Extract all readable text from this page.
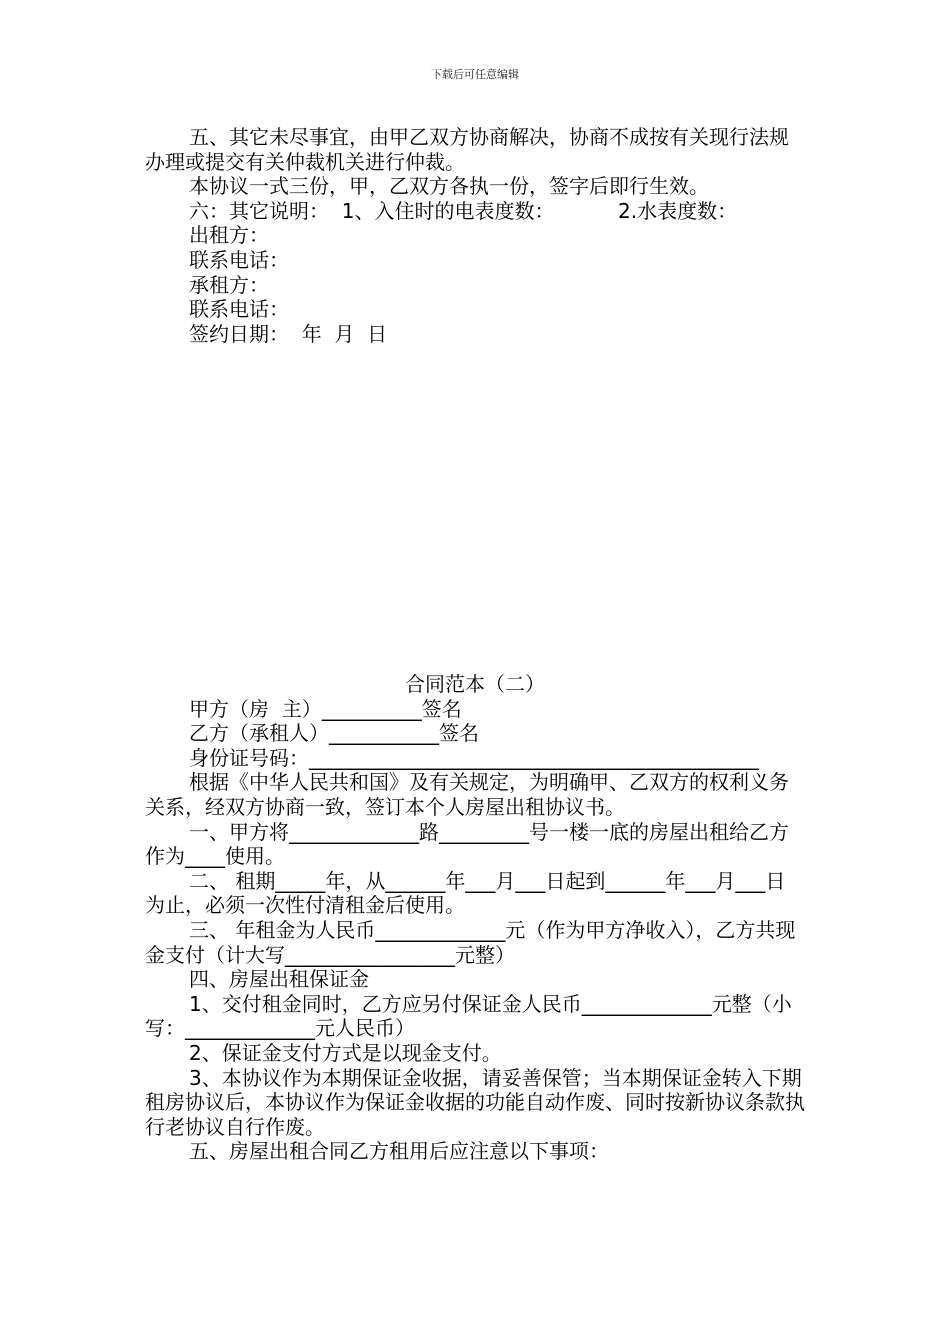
下载后可任意编辑

五、其它未尽事宜，由甲乙双方协商解决，协商不成按有关现行法规办理或提交有关仲裁机关进行仲裁。

本协议一式三份，甲，乙双方各执一份，签字后即行生效。

六：其它说明：  1、入住时的电表度数：          2.水表度数：

出租方：

联系电话：

承租方：

联系电话：

签约日期：  年  月  日

合同范本（二）

甲方（房  主）__________签名

乙方（承租人）___________签名

身份证号码：_____________________________________________

根据《中华人民共和国》及有关规定，为明确甲、乙双方的权利义务关系，经双方协商一致，签订本个人房屋出租协议书。

一、甲方将_____________路_________号一楼一底的房屋出租给乙方作为____使用。

二、 租期_____年，从______年___月___日起到______年___月___日为止，必须一次性付清租金后使用。

三、 年租金为人民币_____________元（作为甲方净收入），乙方共现金支付（计大写_________________元整）

四、房屋出租保证金

1、交付租金同时，乙方应另付保证金人民币_____________元整（小写：_____________元人民币）

2、保证金支付方式是以现金支付。

3、本协议作为本期保证金收据，请妥善保管；当本期保证金转入下期租房协议后，本协议作为保证金收据的功能自动作废、同时按新协议条款执行老协议自行作废。

五、房屋出租合同乙方租用后应注意以下事项：
